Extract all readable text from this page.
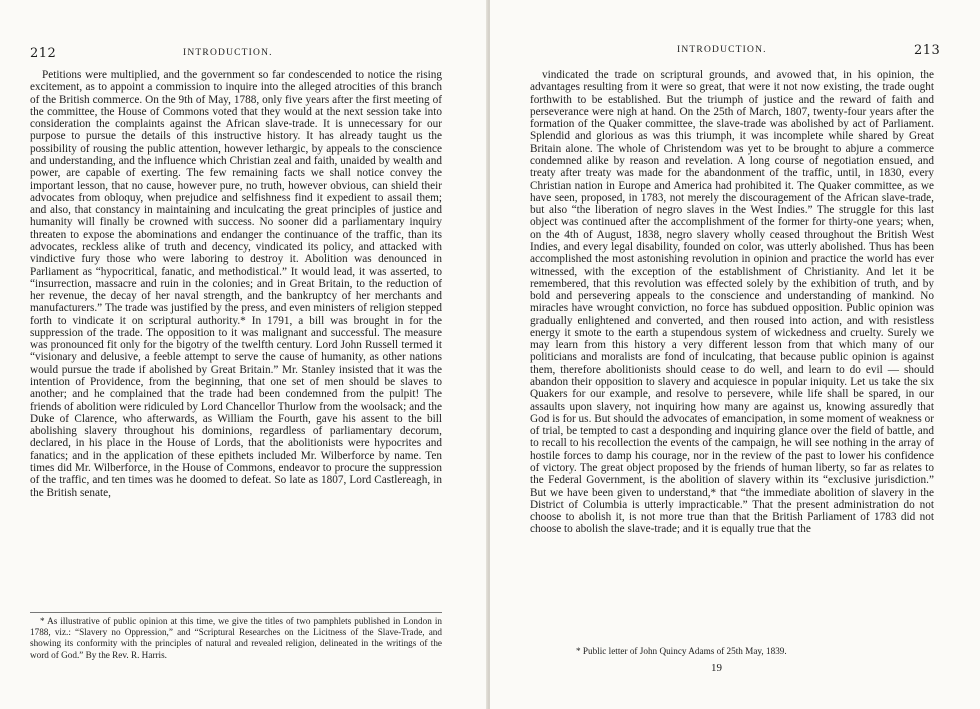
212	INTRODUCTION.
Petitions were multiplied, and the government so far condescended to notice the rising excitement, as to appoint a commission to inquire into the alleged atrocities of this branch of the British commerce. On the 9th of May, 1788, only five years after the first meeting of the committee, the House of Commons voted that they would at the next session take into consideration the complaints against the African slave-trade. It is unnecessary for our purpose to pursue the details of this instructive history. It has already taught us the possibility of rousing the public attention, however lethargic, by appeals to the conscience and understanding, and the influence which Christian zeal and faith, unaided by wealth and power, are capable of exerting. The few remaining facts we shall notice convey the important lesson, that no cause, however pure, no truth, however obvious, can shield their advocates from obloquy, when prejudice and selfishness find it expedient to assail them; and also, that constancy in maintaining and inculcating the great principles of justice and humanity will finally be crowned with success. No sooner did a parliamentary inquiry threaten to expose the abominations and endanger the continuance of the traffic, than its advocates, reckless alike of truth and decency, vindicated its policy, and attacked with vindictive fury those who were laboring to destroy it. Abolition was denounced in Parliament as “hypocritical, fanatic, and methodistical.” It would lead, it was asserted, to “insurrection, massacre and ruin in the colonies; and in Great Britain, to the reduction of her revenue, the decay of her naval strength, and the bankruptcy of her merchants and manufacturers.” The trade was justified by the press, and even ministers of religion stepped forth to vindicate it on scriptural authority.* In 1791, a bill was brought in for the suppression of the trade. The opposition to it was malignant and successful. The measure was pronounced fit only for the bigotry of the twelfth century. Lord John Russell termed it “visionary and delusive, a feeble attempt to serve the cause of humanity, as other nations would pursue the trade if abolished by Great Britain.” Mr. Stanley insisted that it was the intention of Providence, from the beginning, that one set of men should be slaves to another; and he complained that the trade had been condemned from the pulpit! The friends of abolition were ridiculed by Lord Chancellor Thurlow from the woolsack; and the Duke of Clarence, who afterwards, as William the Fourth, gave his assent to the bill abolishing slavery throughout his dominions, regardless of parliamentary decorum, declared, in his place in the House of Lords, that the abolitionists were hypocrites and fanatics; and in the application of these epithets included Mr. Wilberforce by name. Ten times did Mr. Wilberforce, in the House of Commons, endeavor to procure the suppression of the traffic, and ten times was he doomed to defeat. So late as 1807, Lord Castlereagh, in the British senate,
* As illustrative of public opinion at this time, we give the titles of two pamphlets published in London in 1788, viz.: “Slavery no Oppression,” and “Scriptural Researches on the Licitness of the Slave-Trade, and showing its conformity with the principles of natural and revealed religion, delineated in the writings of the word of God.” By the Rev. R. Harris.
INTRODUCTION.	213
vindicated the trade on scriptural grounds, and avowed that, in his opinion, the advantages resulting from it were so great, that were it not now existing, the trade ought forthwith to be established. But the triumph of justice and the reward of faith and perseverance were nigh at hand. On the 25th of March, 1807, twenty-four years after the formation of the Quaker committee, the slave-trade was abolished by act of Parliament. Splendid and glorious as was this triumph, it was incomplete while shared by Great Britain alone. The whole of Christendom was yet to be brought to abjure a commerce condemned alike by reason and revelation. A long course of negotiation ensued, and treaty after treaty was made for the abandonment of the traffic, until, in 1830, every Christian nation in Europe and America had prohibited it. The Quaker committee, as we have seen, proposed, in 1783, not merely the discouragement of the African slave-trade, but also “the liberation of negro slaves in the West Indies.” The struggle for this last object was continued after the accomplishment of the former for thirty-one years; when, on the 4th of August, 1838, negro slavery wholly ceased throughout the British West Indies, and every legal disability, founded on color, was utterly abolished. Thus has been accomplished the most astonishing revolution in opinion and practice the world has ever witnessed, with the exception of the establishment of Christianity. And let it be remembered, that this revolution was effected solely by the exhibition of truth, and by bold and persevering appeals to the conscience and understanding of mankind. No miracles have wrought conviction, no force has subdued opposition. Public opinion was gradually enlightened and converted, and then roused into action, and with resistless energy it smote to the earth a stupendous system of wickedness and cruelty. Surely we may learn from this history a very different lesson from that which many of our politicians and moralists are fond of inculcating, that because public opinion is against them, therefore abolitionists should cease to do well, and learn to do evil — should abandon their opposition to slavery and acquiesce in popular iniquity. Let us take the six Quakers for our example, and resolve to persevere, while life shall be spared, in our assaults upon slavery, not inquiring how many are against us, knowing assuredly that God is for us. But should the advocates of emancipation, in some moment of weakness or of trial, be tempted to cast a desponding and inquiring glance over the field of battle, and to recall to his recollection the events of the campaign, he will see nothing in the array of hostile forces to damp his courage, nor in the review of the past to lower his confidence of victory. The great object proposed by the friends of human liberty, so far as relates to the Federal Government, is the abolition of slavery within its “exclusive jurisdiction.” But we have been given to understand,* that “the immediate abolition of slavery in the District of Columbia is utterly impracticable.” That the present administration do not choose to abolish it, is not more true than that the British Parliament of 1783 did not choose to abolish the slave-trade; and it is equally true that the
* Public letter of John Quincy Adams of 25th May, 1839.
19
